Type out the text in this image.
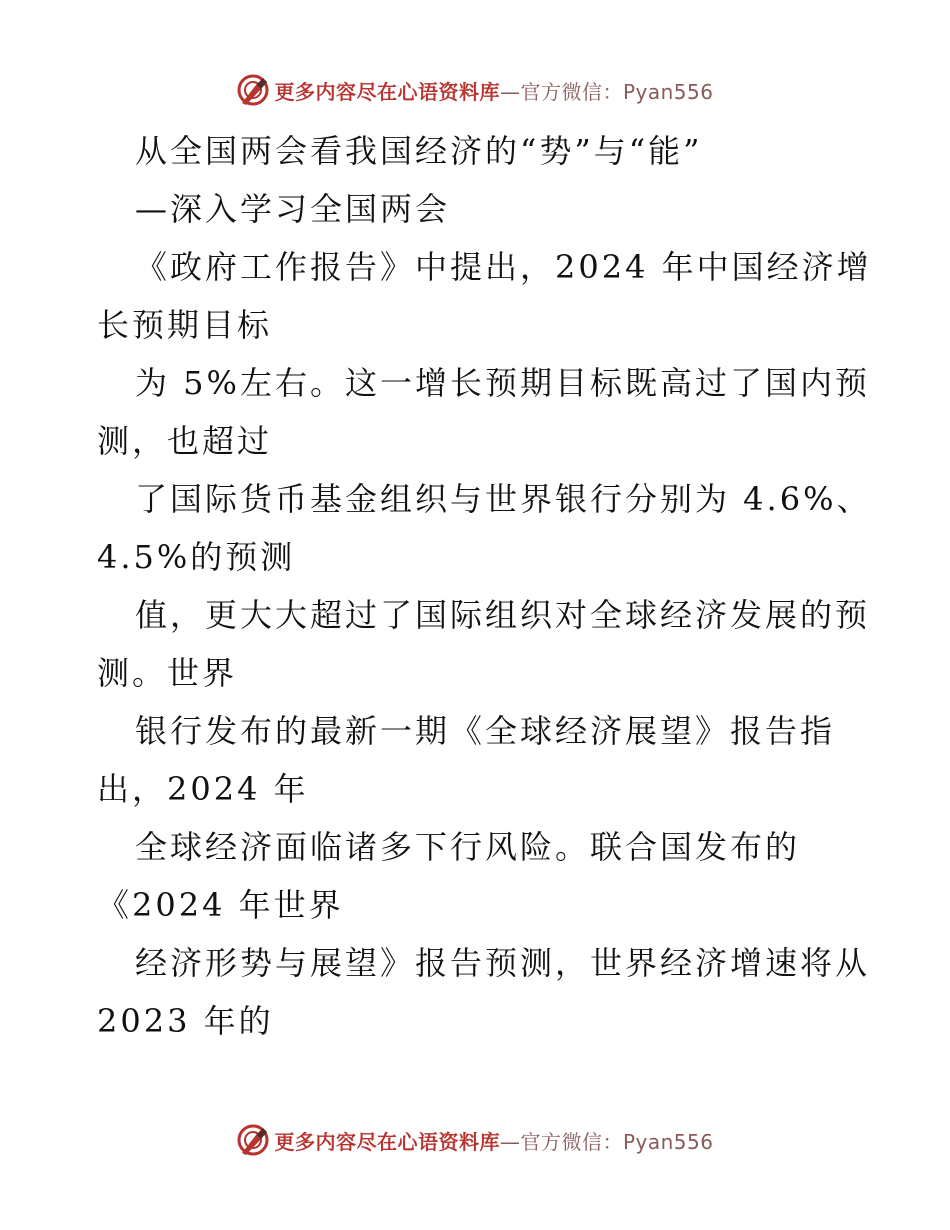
更多内容尽在心语资料库—官方微信：Pyan556
从全国两会看我国经济的“势”与“能”
—深入学习全国两会
《政府工作报告》中提出，2024 年中国经济增
长预期目标
为 5%左右。这一增长预期目标既高过了国内预
测，也超过
了国际货币基金组织与世界银行分别为 4.6%、
4.5%的预测
值，更大大超过了国际组织对全球经济发展的预
测。世界
银行发布的最新一期《全球经济展望》报告指
出，2024 年
全球经济面临诸多下行风险。联合国发布的
《2024 年世界
经济形势与展望》报告预测，世界经济增速将从
2023 年的
更多内容尽在心语资料库—官方微信：Pyan556
